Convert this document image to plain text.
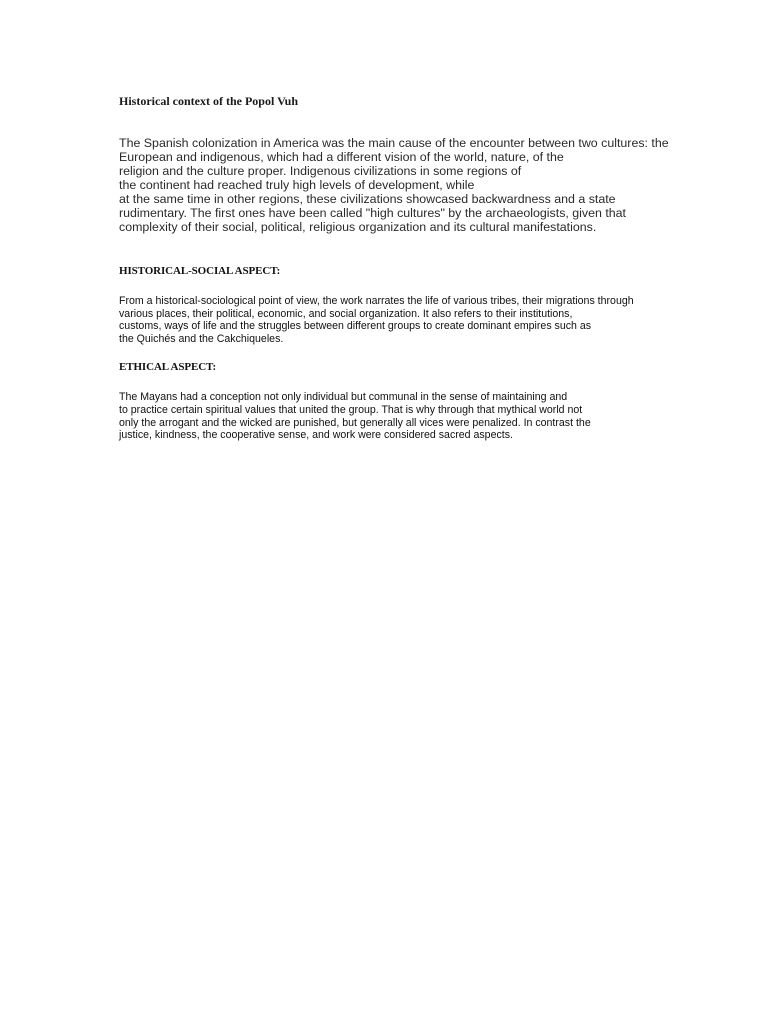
Historical context of the Popol Vuh
The Spanish colonization in America was the main cause of the encounter between two cultures: the
European and indigenous, which had a different vision of the world, nature, of the
religion and the culture proper. Indigenous civilizations in some regions of
the continent had reached truly high levels of development, while
at the same time in other regions, these civilizations showcased backwardness and a state
rudimentary. The first ones have been called "high cultures" by the archaeologists, given that
complexity of their social, political, religious organization and its cultural manifestations.
HISTORICAL-SOCIAL ASPECT:
From a historical-sociological point of view, the work narrates the life of various tribes, their migrations through
various places, their political, economic, and social organization. It also refers to their institutions,
customs, ways of life and the struggles between different groups to create dominant empires such as
the Quichés and the Cakchiqueles.
ETHICAL ASPECT:
The Mayans had a conception not only individual but communal in the sense of maintaining and
to practice certain spiritual values that united the group. That is why through that mythical world not
only the arrogant and the wicked are punished, but generally all vices were penalized. In contrast the
justice, kindness, the cooperative sense, and work were considered sacred aspects.
